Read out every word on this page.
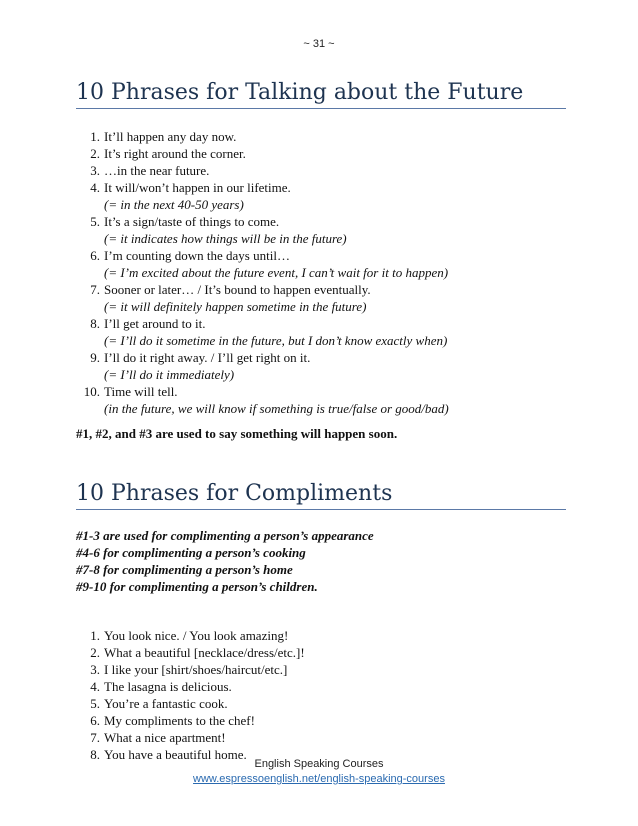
~ 31 ~
10 Phrases for Talking about the Future
1. It’ll happen any day now.
2. It’s right around the corner.
3. …in the near future.
4. It will/won’t happen in our lifetime.
(= in the next 40-50 years)
5. It’s a sign/taste of things to come.
(= it indicates how things will be in the future)
6. I’m counting down the days until…
(= I’m excited about the future event, I can’t wait for it to happen)
7. Sooner or later… / It’s bound to happen eventually.
(= it will definitely happen sometime in the future)
8. I’ll get around to it.
(= I’ll do it sometime in the future, but I don’t know exactly when)
9. I’ll do it right away. / I’ll get right on it.
(= I’ll do it immediately)
10. Time will tell.
(in the future, we will know if something is true/false or good/bad)

#1, #2, and #3 are used to say something will happen soon.

10 Phrases for Compliments

#1-3 are used for complimenting a person’s appearance

#4-6 for complimenting a person’s cooking

#7-8 for complimenting a person’s home

#9-10 for complimenting a person’s children.

1. You look nice. / You look amazing!
2. What a beautiful [necklace/dress/etc.]!
3. I like your [shirt/shoes/haircut/etc.]
4. The lasagna is delicious.
5. You’re a fantastic cook.
6. My compliments to the chef!
7. What a nice apartment!
8. You have a beautiful home.
English Speaking Courses
www.espressoenglish.net/english-speaking-courses
